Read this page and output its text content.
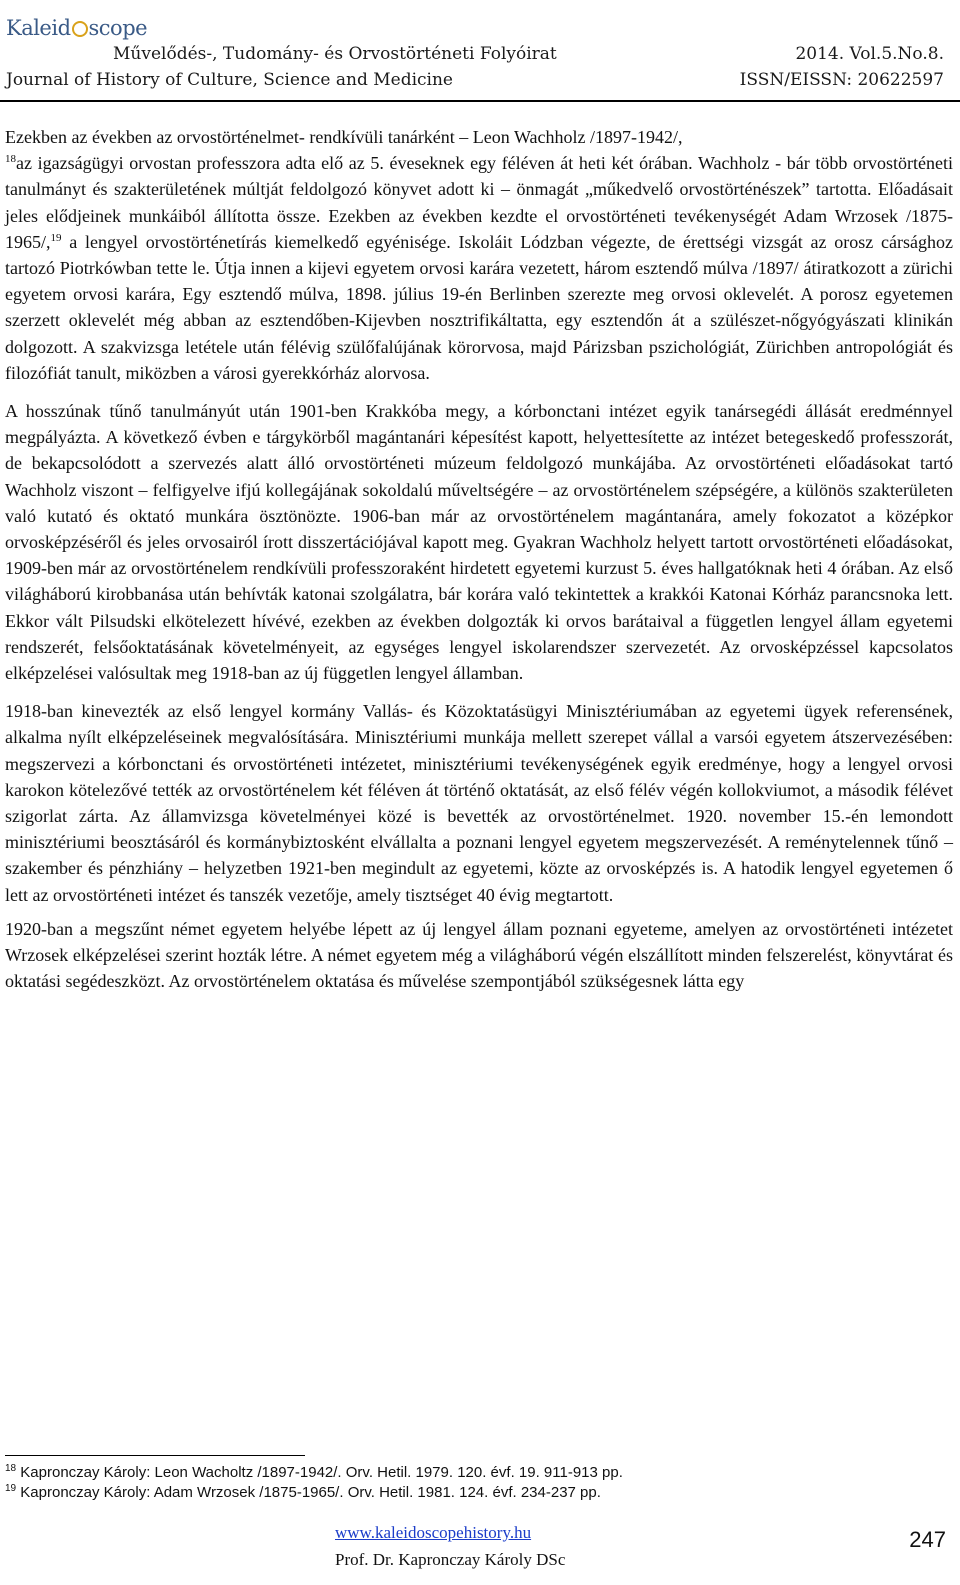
Kaleid scope
Művelődés-, Tudomány- és Orvostörténeti Folyóirat	2014. Vol.5.No.8.
Journal of History of Culture, Science and Medicine	ISSN/EISSN: 20622597

Ezekben az években az orvostörténelmet- rendkívüli tanárként – Leon Wachholz /1897-1942/,
$^{18}$az igazságügyi orvostan professzora adta elő az 5. éveseknek egy féléven át heti két órában. Wachholz - bár több orvostörténeti tanulmányt és szakterületének múltját feldolgozó könyvet adott ki – önmagát „műkedvelő orvostörténészek” tartotta. Előadásait jeles elődjeinek munkáiból állította össze. Ezekben az években kezdte el orvostörténeti tevékenységét Adam Wrzosek /1875-1965/,$^{19}$ a lengyel orvostörténetírás kiemelkedő egyénisége. Iskoláit Lódzban végezte, de érettségi vizsgát az orosz cársághoz tartozó Piotrkówban tette le. Útja innen a kijevi egyetem orvosi karára vezetett, három esztendő múlva /1897/ átiratkozott a zürichi egyetem orvosi karára, Egy esztendő múlva, 1898. július 19-én Berlinben szerezte meg orvosi oklevelét. A porosz egyetemen szerzett oklevelét még abban az esztendőben-Kijevben nosztrifikáltatta, egy esztendőn át a szülészet-nőgyógyászati klinikán dolgozott. A szakvizsga letétele után félévig szülőfalújának körorvosa, majd Párizsban pszichológiát, Zürichben antropológiát és filozófiát tanult, miközben a városi gyerekkórház alorvosa.

A hosszúnak tűnő tanulmányút után 1901-ben Krakkóba megy, a kórbonctani intézet egyik tanársegédi állását eredménnyel megpályázta. A következő évben e tárgykörből magántanári képesítést kapott, helyettesítette az intézet betegeskedő professzorát, de bekapcsolódott a szervezés alatt álló orvostörténeti múzeum feldolgozó munkájába. Az orvostörténeti előadásokat tartó Wachholz viszont – felfigyelve ifjú kollegájának sokoldalú műveltségére – az orvostörténelem szépségére, a különös szakterületen való kutató és oktató munkára ösztönözte. 1906-ban már az orvostörténelem magántanára, amely fokozatot a középkor orvosképzéséről és jeles orvosairól írott disszertációjával kapott meg. Gyakran Wachholz helyett tartott orvostörténeti előadásokat, 1909-ben már az orvostörténelem rendkívüli professzoraként hirdetett egyetemi kurzust 5. éves hallgatóknak heti 4 órában. Az első világháború kirobbanása után behívták katonai szolgálatra, bár korára való tekintettek a krakkói Katonai Kórház parancsnoka lett. Ekkor vált Pilsudski elkötelezett hívévé, ezekben az években dolgozták ki orvos barátaival a független lengyel állam egyetemi rendszerét, felsőoktatásának követelményeit, az egységes lengyel iskolarendszer szervezetét. Az orvosképzéssel kapcsolatos elképzelései valósultak meg 1918-ban az új független lengyel államban.

1918-ban kinevezték az első lengyel kormány Vallás- és Közoktatásügyi Minisztériumában az egyetemi ügyek referensének, alkalma nyílt elképzeléseinek megvalósítására. Minisztériumi munkája mellett szerepet vállal a varsói egyetem átszervezésében: megszervezi a kórbonctani és orvostörténeti intézetet, minisztériumi tevékenységének egyik eredménye, hogy a lengyel orvosi karokon kötelezővé tették az orvostörténelem két féléven át történő oktatását, az első félév végén kollokviumot, a második félévet szigorlat zárta. Az államvizsga követelményei közé is bevették az orvostörténelmet. 1920. november 15.-én lemondott minisztériumi beosztásáról és kormánybiztosként elvállalta a poznani lengyel egyetem megszervezését. A reménytelennek tűnő – szakember és pénzhiány – helyzetben 1921-ben megindult az egyetemi, közte az orvosképzés is. A hatodik lengyel egyetemen ő lett az orvostörténeti intézet és tanszék vezetője, amely tisztséget 40 évig megtartott.

1920-ban a megszűnt német egyetem helyébe lépett az új lengyel állam poznani egyeteme, amelyen az orvostörténeti intézetet Wrzosek elképzelései szerint hozták létre. A német egyetem még a világháború végén elszállított minden felszerelést, könyvtárat és oktatási segédeszközt. Az orvostörténelem oktatása és művelése szempontjából szükségesnek látta egy

$^{18}$ Kapronczay Károly: Leon Wacholtz /1897-1942/. Orv. Hetil. 1979. 120. évf. 19. 911-913 pp.
$^{19}$ Kapronczay Károly: Adam Wrzosek /1875-1965/. Orv. Hetil. 1981. 124. évf. 234-237 pp.
www.kaleidoscopehistory.hu
Prof. Dr. Kapronczay Károly DSc
247
